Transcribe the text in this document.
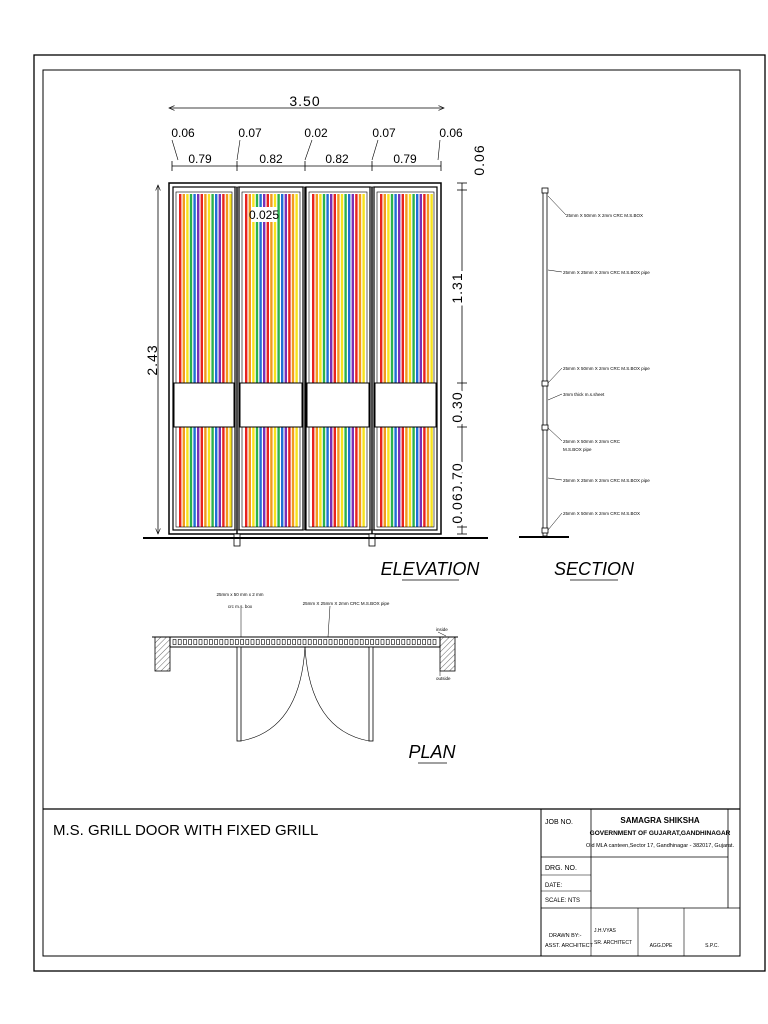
3.50
0.06	0.07	0.02	0.07	0.06
0.79	0.82	0.82	0.79
0.025
2.43
0.06
1.31
0.30
0.70
0.06
ELEVATION
25mm X 50mm X 2mm CRC M.S.BOX
25mm X 25mm X 2mm CRC M.S.BOX pipe
25mm X 50mm X 2mm CRC M.S.BOX pipe
3mm thick m.s.sheet
25mm X 50mm X 2mm CRC
M.S.BOX pipe
25mm X 25mm X 2mm CRC M.S.BOX pipe
25mm X 50mm X 2mm CRC M.S.BOX
SECTION
25mm x 50 mm x 2 mm
crc m.s. box
25mm X 25mm X 2mm CRC M.S.BOX pipe
inside
outside
PLAN
M.S. GRILL DOOR WITH FIXED GRILL	JOB NO.	SAMAGRA SHIKSHA
GOVERNMENT OF GUJARAT,GANDHINAGAR
Old MLA canteen,Sector 17, Gandhinagar - 382017, Gujarat.
DRG. NO.
DATE:
SCALE: NTS
DRAWN BY:-
ASST. ARCHITECT
J.H.VYAS
SR. ARCHITECT	AGG.DPE	S.P.C.
